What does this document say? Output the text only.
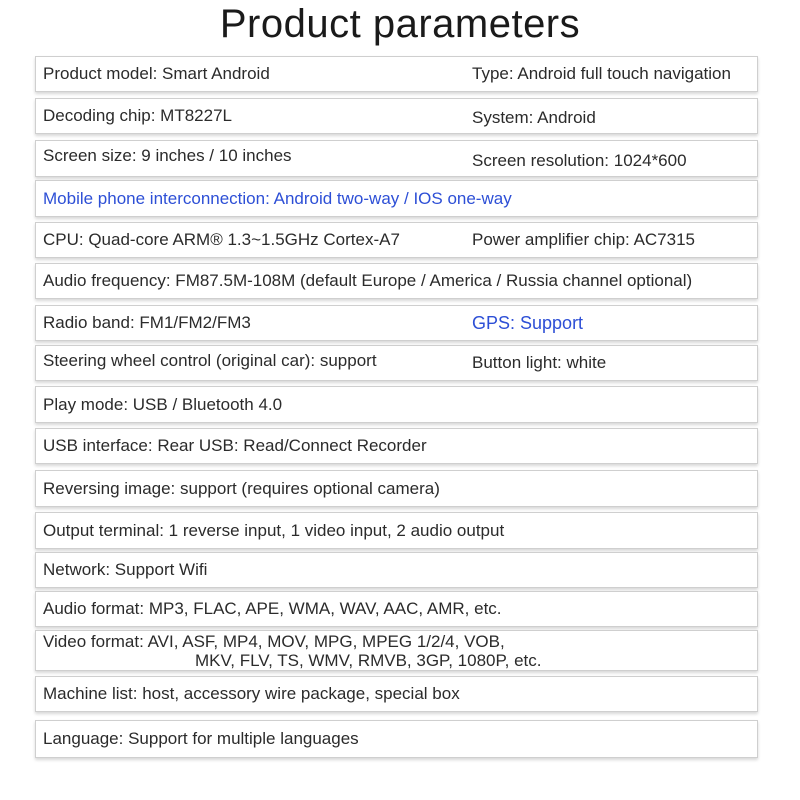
Product parameters
Product model: Smart Android	Type: Android full touch navigation
Decoding chip: MT8227L	System: Android
Screen size: 9 inches / 10 inches	Screen resolution: 1024*600
Mobile phone interconnection: Android two-way / IOS one-way
CPU: Quad-core ARM® 1.3~1.5GHz Cortex-A7	Power amplifier chip: AC7315
Audio frequency: FM87.5M-108M (default Europe / America / Russia channel optional)
Radio band: FM1/FM2/FM3	GPS: Support
Steering wheel control (original car): support	Button light: white
Play mode: USB / Bluetooth 4.0
USB interface: Rear USB: Read/Connect Recorder
Reversing image: support (requires optional camera)
Output terminal: 1 reverse input, 1 video input, 2 audio output
Network: Support Wifi
Audio format: MP3, FLAC, APE, WMA, WAV, AAC, AMR, etc.
Video format: AVI, ASF, MP4, MOV, MPG, MPEG 1/2/4, VOB,
MKV, FLV, TS, WMV, RMVB, 3GP, 1080P, etc.
Machine list: host, accessory wire package, special box
Language: Support for multiple languages
